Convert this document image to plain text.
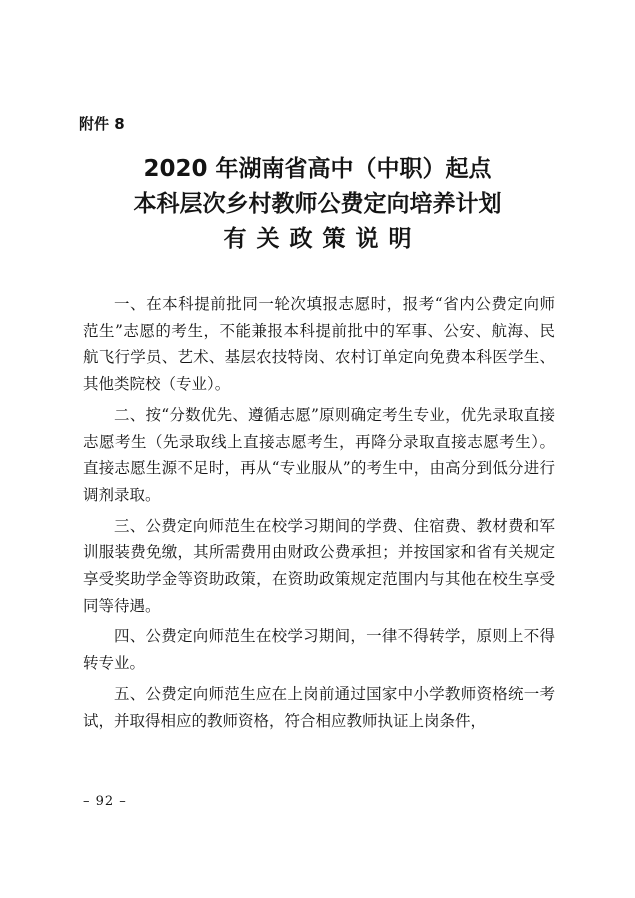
附件 8
2020 年湖南省高中（中职）起点
本科层次乡村教师公费定向培养计划
有关政策说明

一、在本科提前批同一轮次填报志愿时，报考“省内公费定向师范生”志愿的考生，不能兼报本科提前批中的军事、公安、航海、民航飞行学员、艺术、基层农技特岗、农村订单定向免费本科医学生、其他类院校（专业）。

二、按“分数优先、遵循志愿”原则确定考生专业，优先录取直接志愿考生（先录取线上直接志愿考生，再降分录取直接志愿考生）。直接志愿生源不足时，再从“专业服从”的考生中，由高分到低分进行调剂录取。

三、公费定向师范生在校学习期间的学费、住宿费、教材费和军训服装费免缴，其所需费用由财政公费承担；并按国家和省有关规定享受奖助学金等资助政策，在资助政策规定范围内与其他在校生享受同等待遇。

四、公费定向师范生在校学习期间，一律不得转学，原则上不得转专业。

五、公费定向师范生应在上岗前通过国家中小学教师资格统一考试，并取得相应的教师资格，符合相应教师执证上岗条件，

– 92 –
